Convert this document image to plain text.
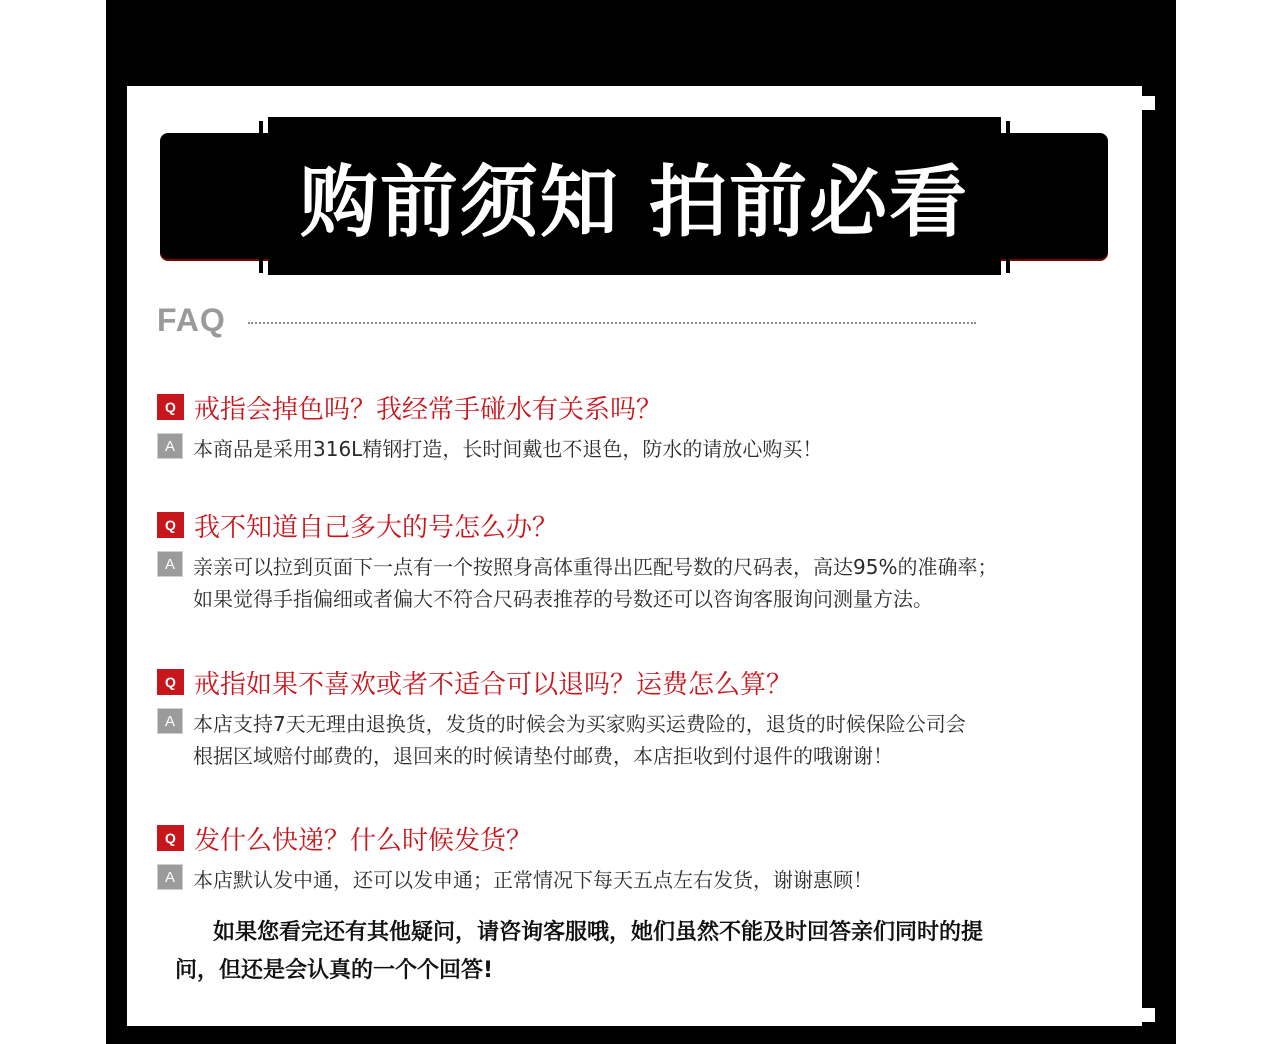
购前须知 拍前必看
FAQ
Q 戒指会掉色吗？我经常手碰水有关系吗？
A 本商品是采用316L精钢打造，长时间戴也不退色，防水的请放心购买！
Q 我不知道自己多大的号怎么办？
A 亲亲可以拉到页面下一点有一个按照身高体重得出匹配号数的尺码表，高达95%的准确率；
如果觉得手指偏细或者偏大不符合尺码表推荐的号数还可以咨询客服询问测量方法。
Q 戒指如果不喜欢或者不适合可以退吗？运费怎么算？
A 本店支持7天无理由退换货，发货的时候会为买家购买运费险的，退货的时候保险公司会
根据区域赔付邮费的，退回来的时候请垫付邮费，本店拒收到付退件的哦谢谢！
Q 发什么快递？什么时候发货？
A 本店默认发中通，还可以发申通；正常情况下每天五点左右发货，谢谢惠顾！
如果您看完还有其他疑问，请咨询客服哦，她们虽然不能及时回答亲们同时的提
问，但还是会认真的一个个回答!
